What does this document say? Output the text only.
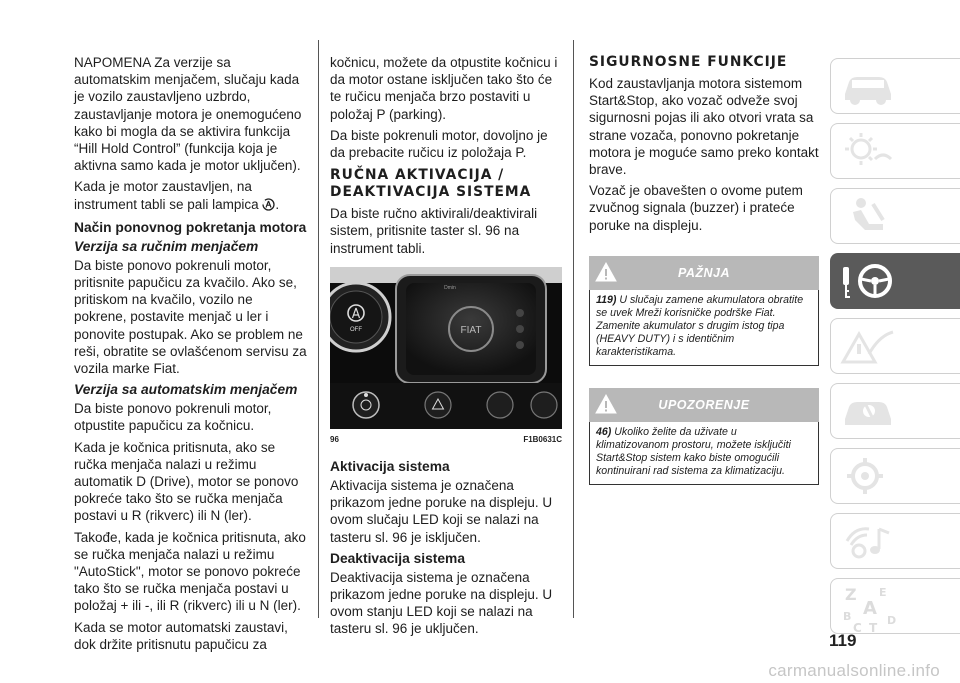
NAPOMENA Za verzije sa automatskim menjačem, slučaju kada je vozilo zaustavljeno uzbrdo, zaustavljanje motora je onemogućeno kako bi mogla da se aktivira funkcija “Hill Hold Control” (funkcija koja je aktivna samo kada je motor uključen).

Kada je motor zaustavljen, na instrument tabli se pali lampica .

Način ponovnog pokretanja motora
Verzija sa ručnim menjačem

Da biste ponovo pokrenuli motor, pritisnite papučicu za kvačilo. Ako se, pritiskom na kvačilo, vozilo ne pokrene, postavite menjač u ler i ponovite postupak. Ako se problem ne reši, obratite se ovlašćenom servisu za vozila marke Fiat.

Verzija sa automatskim menjačem

Da biste ponovo pokrenuli motor, otpustite papučicu za kočnicu.

Kada je kočnica pritisnuta, ako se ručka menjača nalazi u režimu automatik D (Drive), motor se ponovo pokreće tako što se ručka menjača postavi u R (rikverc) ili N (ler).

Takođe, kada je kočnica pritisnuta, ako se ručka menjača nalazi u režimu "AutoStick", motor se ponovo pokreće tako što se ručka menjača postavi u položaj + ili -, ili R (rikverc) ili u N (ler).

Kada se motor automatski zaustavi, dok držite pritisnutu papučicu za

kočnicu, možete da otpustite kočnicu i da motor ostane isključen tako što će te ručicu menjača brzo postaviti u položaj P (parking).

Da biste pokrenuli motor, dovoljno je da prebacite ručicu iz položaja P.

RUČNA AKTIVACIJA / DEAKTIVACIJA SISTEMA

Da biste ručno aktivirali/deaktivirali sistem, pritisnite taster sl. 96 na instrument tabli.

FIAT
Dmin
OFF
96	F1B0631C
Aktivacija sistema

Aktivacija sistema je označena prikazom jedne poruke na displeju. U ovom slučaju LED koji se nalazi na tasteru sl. 96 je isključen.

Deaktivacija sistema

Deaktivacija sistema je označena prikazom jedne poruke na displeju. U ovom stanju LED koji se nalazi na tasteru sl. 96 je uključen.

SIGURNOSNE FUNKCIJE

Kod zaustavljanja motora sistemom Start&Stop, ako vozač odveže svoj sigurnosni pojas ili ako otvori vrata sa strane vozača, ponovno pokretanje motora je moguće samo preko kontakt brave.

Vozač je obavešten o ovome putem zvučnog signala (buzzer) i prateće poruke na displeju.

PAŽNJA
119) U slučaju zamene akumulatora obratite se uvek Mreži korisničke podrške Fiat. Zamenite akumulator s drugim istog tipa (HEAVY DUTY) i s identičnim karakteristikama.
UPOZORENJE
46) Ukoliko želite da uživate u klimatizovanom prostoru, možete isključiti Start&Stop sistem kako biste omogućili kontinuirani rad sistema za klimatizaciju.
Z E
A
B
C T
D
119
carmanualsonline.info
